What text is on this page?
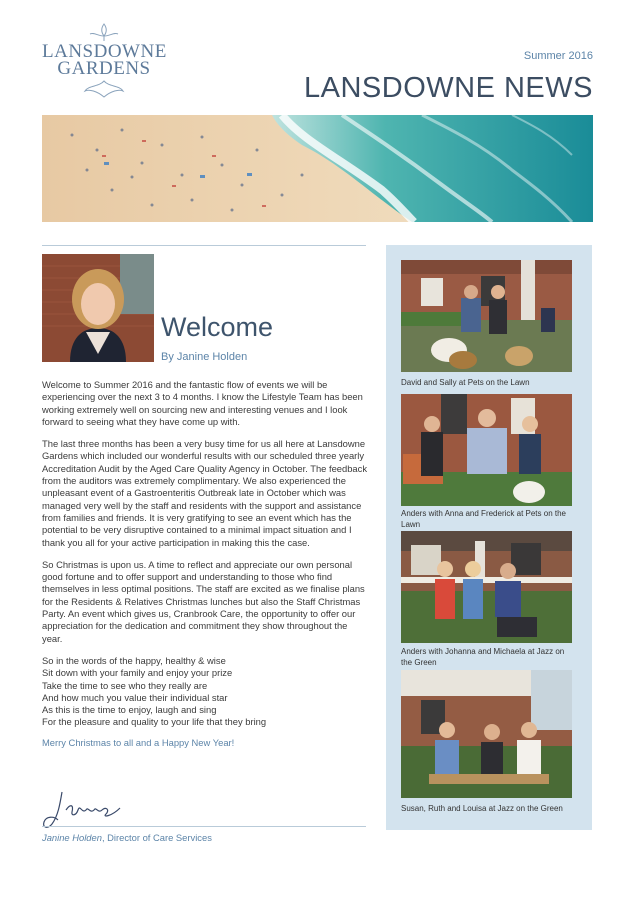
LANSDOWNE
GARDENS
Summer 2016
LANSDOWNE NEWS
Welcome
By Janine Holden

Welcome to Summer 2016 and the fantastic flow of events we will be experiencing over the next 3 to 4 months. I know the Lifestyle Team has been working extremely well on sourcing new and interesting venues and I look forward to seeing what they have come up with.

The last three months has been a very busy time for us all here at Lansdowne Gardens which included our wonderful results with our scheduled three yearly Accreditation Audit by the Aged Care Quality Agency in October. The feedback from the auditors was extremely complimentary. We also experienced the unpleasant event of a Gastroenteritis Outbreak late in October which was managed very well by the staff and residents with the support and assistance from families and friends. It is very gratifying to see an event which has the potential to be very disruptive contained to a minimal impact situation and I thank you all for your active participation in making this the case.

So Christmas is upon us. A time to reflect and appreciate our own personal good fortune and to offer support and understanding to those who find themselves in less optimal positions. The staff are excited as we finalise plans for the Residents & Relatives Christmas lunches but also the Staff Christmas Party. An event which gives us, Cranbrook Care, the opportunity to offer our appreciation for the dedication and commitment they show throughout the year.

So in the words of the happy, healthy & wise
Sit down with your family and enjoy your prize
Take the time to see who they really are
And how much you value their individual star
As this is the time to enjoy, laugh and sing
For the pleasure and quality to your life that they bring
Merry Christmas to all and a Happy New Year!
Janine Holden, Director of Care Services
David and Sally at Pets on the Lawn
Anders with Anna and Frederick at Pets on the Lawn
Anders with Johanna and Michaela at Jazz on the Green
Susan, Ruth and Louisa at Jazz on the Green
